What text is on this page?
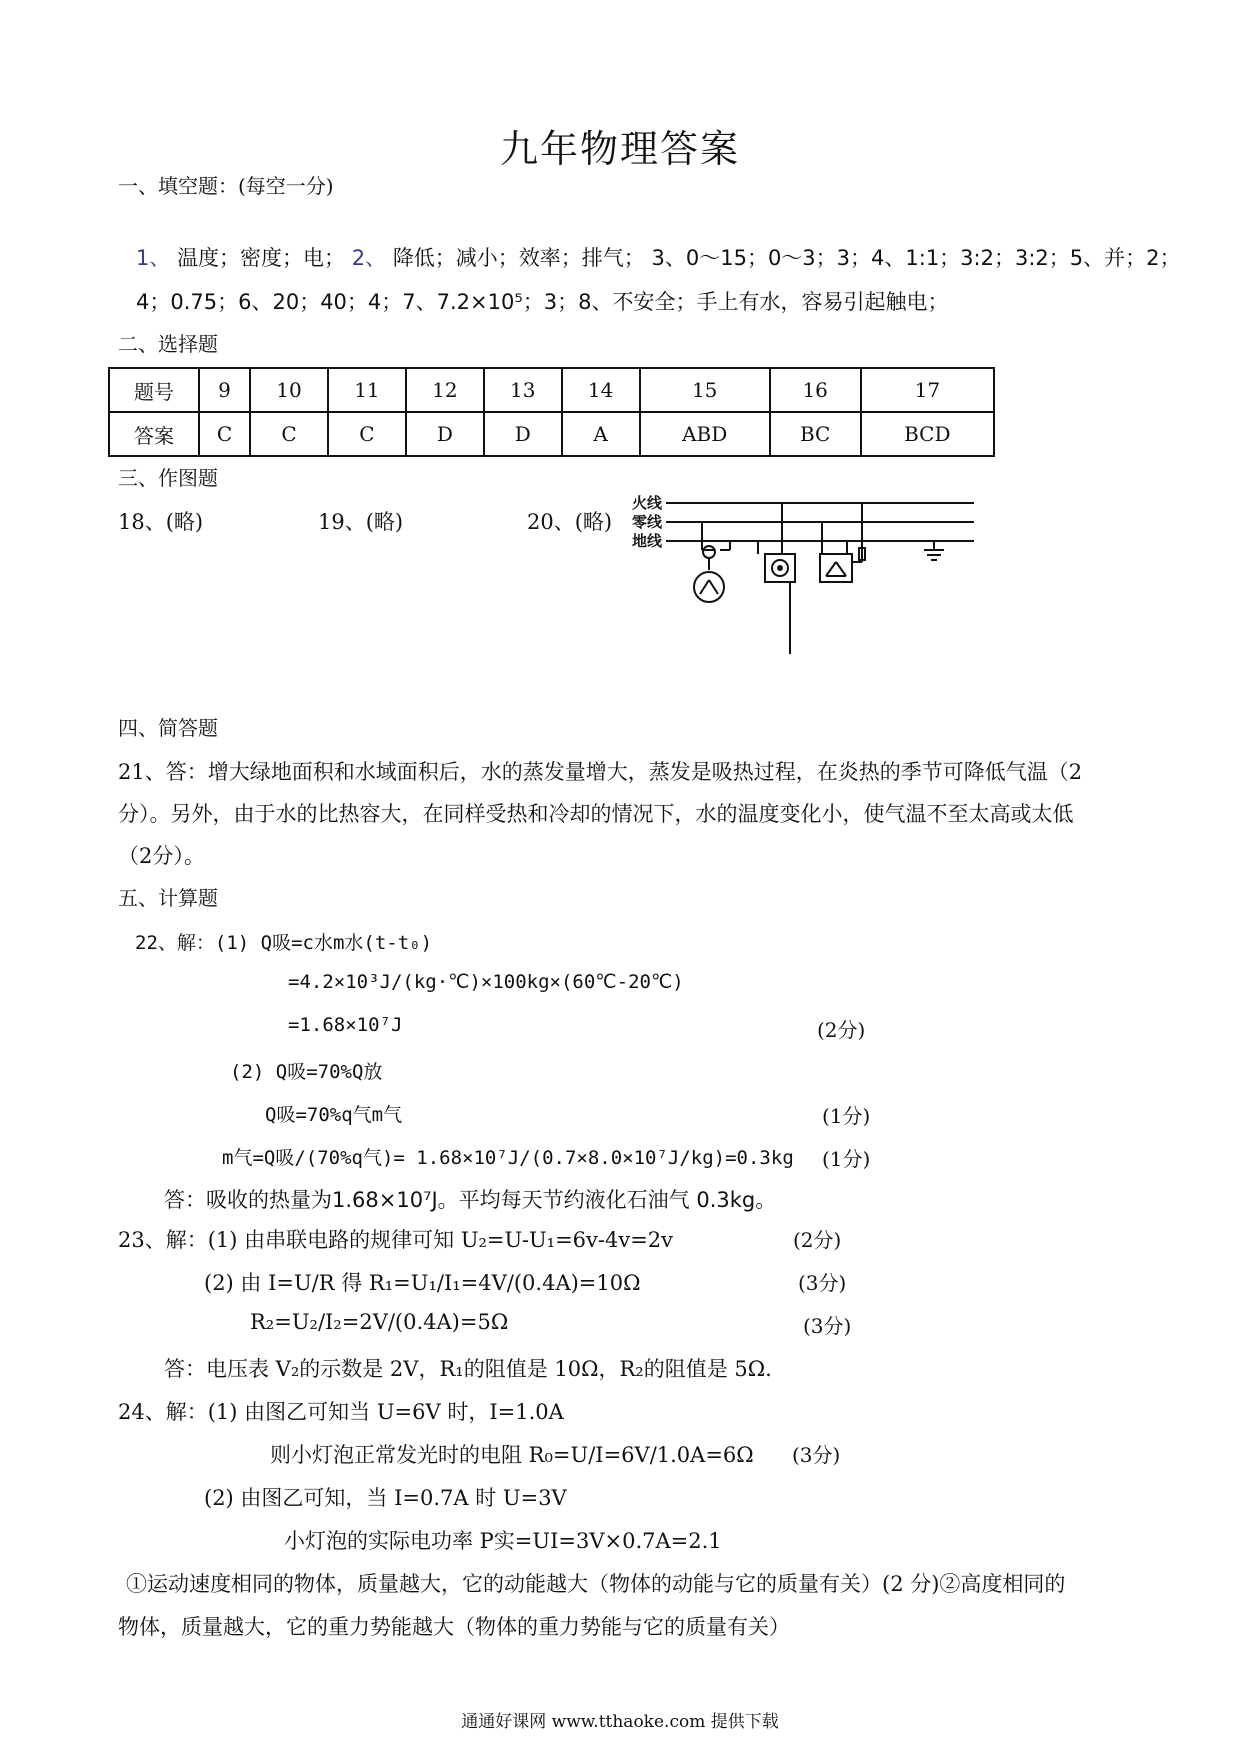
九年物理答案
一、填空题：(每空一分)
1、 温度；密度；电； 2、 降低；减小；效率；排气； 3、0～15；0～3；3；4、1:1；3:2；3:2；5、并；2；
4；0.75；6、20；40；4；7、7.2×10⁵；3；8、不安全；手上有水，容易引起触电；
二、选择题
题号	9	10	11	12	13	14	15	16	17
答案	C	C	C	D	D	A	ABD	BC	BCD
三、作图题
18、(略)	19、(略)	20、(略)
火线
零线
地线
四、简答题
21、答：增大绿地面积和水域面积后，水的蒸发量增大，蒸发是吸热过程，在炎热的季节可降低气温（2
分）。另外，由于水的比热容大，在同样受热和冷却的情况下，水的温度变化小，使气温不至太高或太低
（2分）。
五、计算题
22、解：(1) Q吸=c水m水(t-t₀)
=4.2×10³J/(kg·℃)×100kg×(60℃-20℃)
=1.68×10⁷J	(2分)
(2) Q吸=70%Q放
Q吸=70%q气m气	(1分)
m气=Q吸/(70%q气)= 1.68×10⁷J/(0.7×8.0×10⁷J/kg)=0.3kg (1分)
答：吸收的热量为1.68×10⁷J。平均每天节约液化石油气 0.3kg。
23、解：(1) 由串联电路的规律可知 U₂=U-U₁=6v-4v=2v	(2分)
(2) 由 I=U/R 得 R₁=U₁/I₁=4V/(0.4A)=10Ω	(3分)
R₂=U₂/I₂=2V/(0.4A)=5Ω	(3分)
答：电压表 V₂的示数是 2V，R₁的阻值是 10Ω，R₂的阻值是 5Ω.
24、解：(1) 由图乙可知当 U=6V 时，I=1.0A
则小灯泡正常发光时的电阻 R₀=U/I=6V/1.0A=6Ω (3分)
(2) 由图乙可知，当 I=0.7A 时 U=3V
小灯泡的实际电功率 P实=UI=3V×0.7A=2.1
①运动速度相同的物体，质量越大，它的动能越大（物体的动能与它的质量有关）(2 分)②高度相同的
物体，质量越大，它的重力势能越大（物体的重力势能与它的质量有关）
通通好课网 www.tthaoke.com 提供下载
